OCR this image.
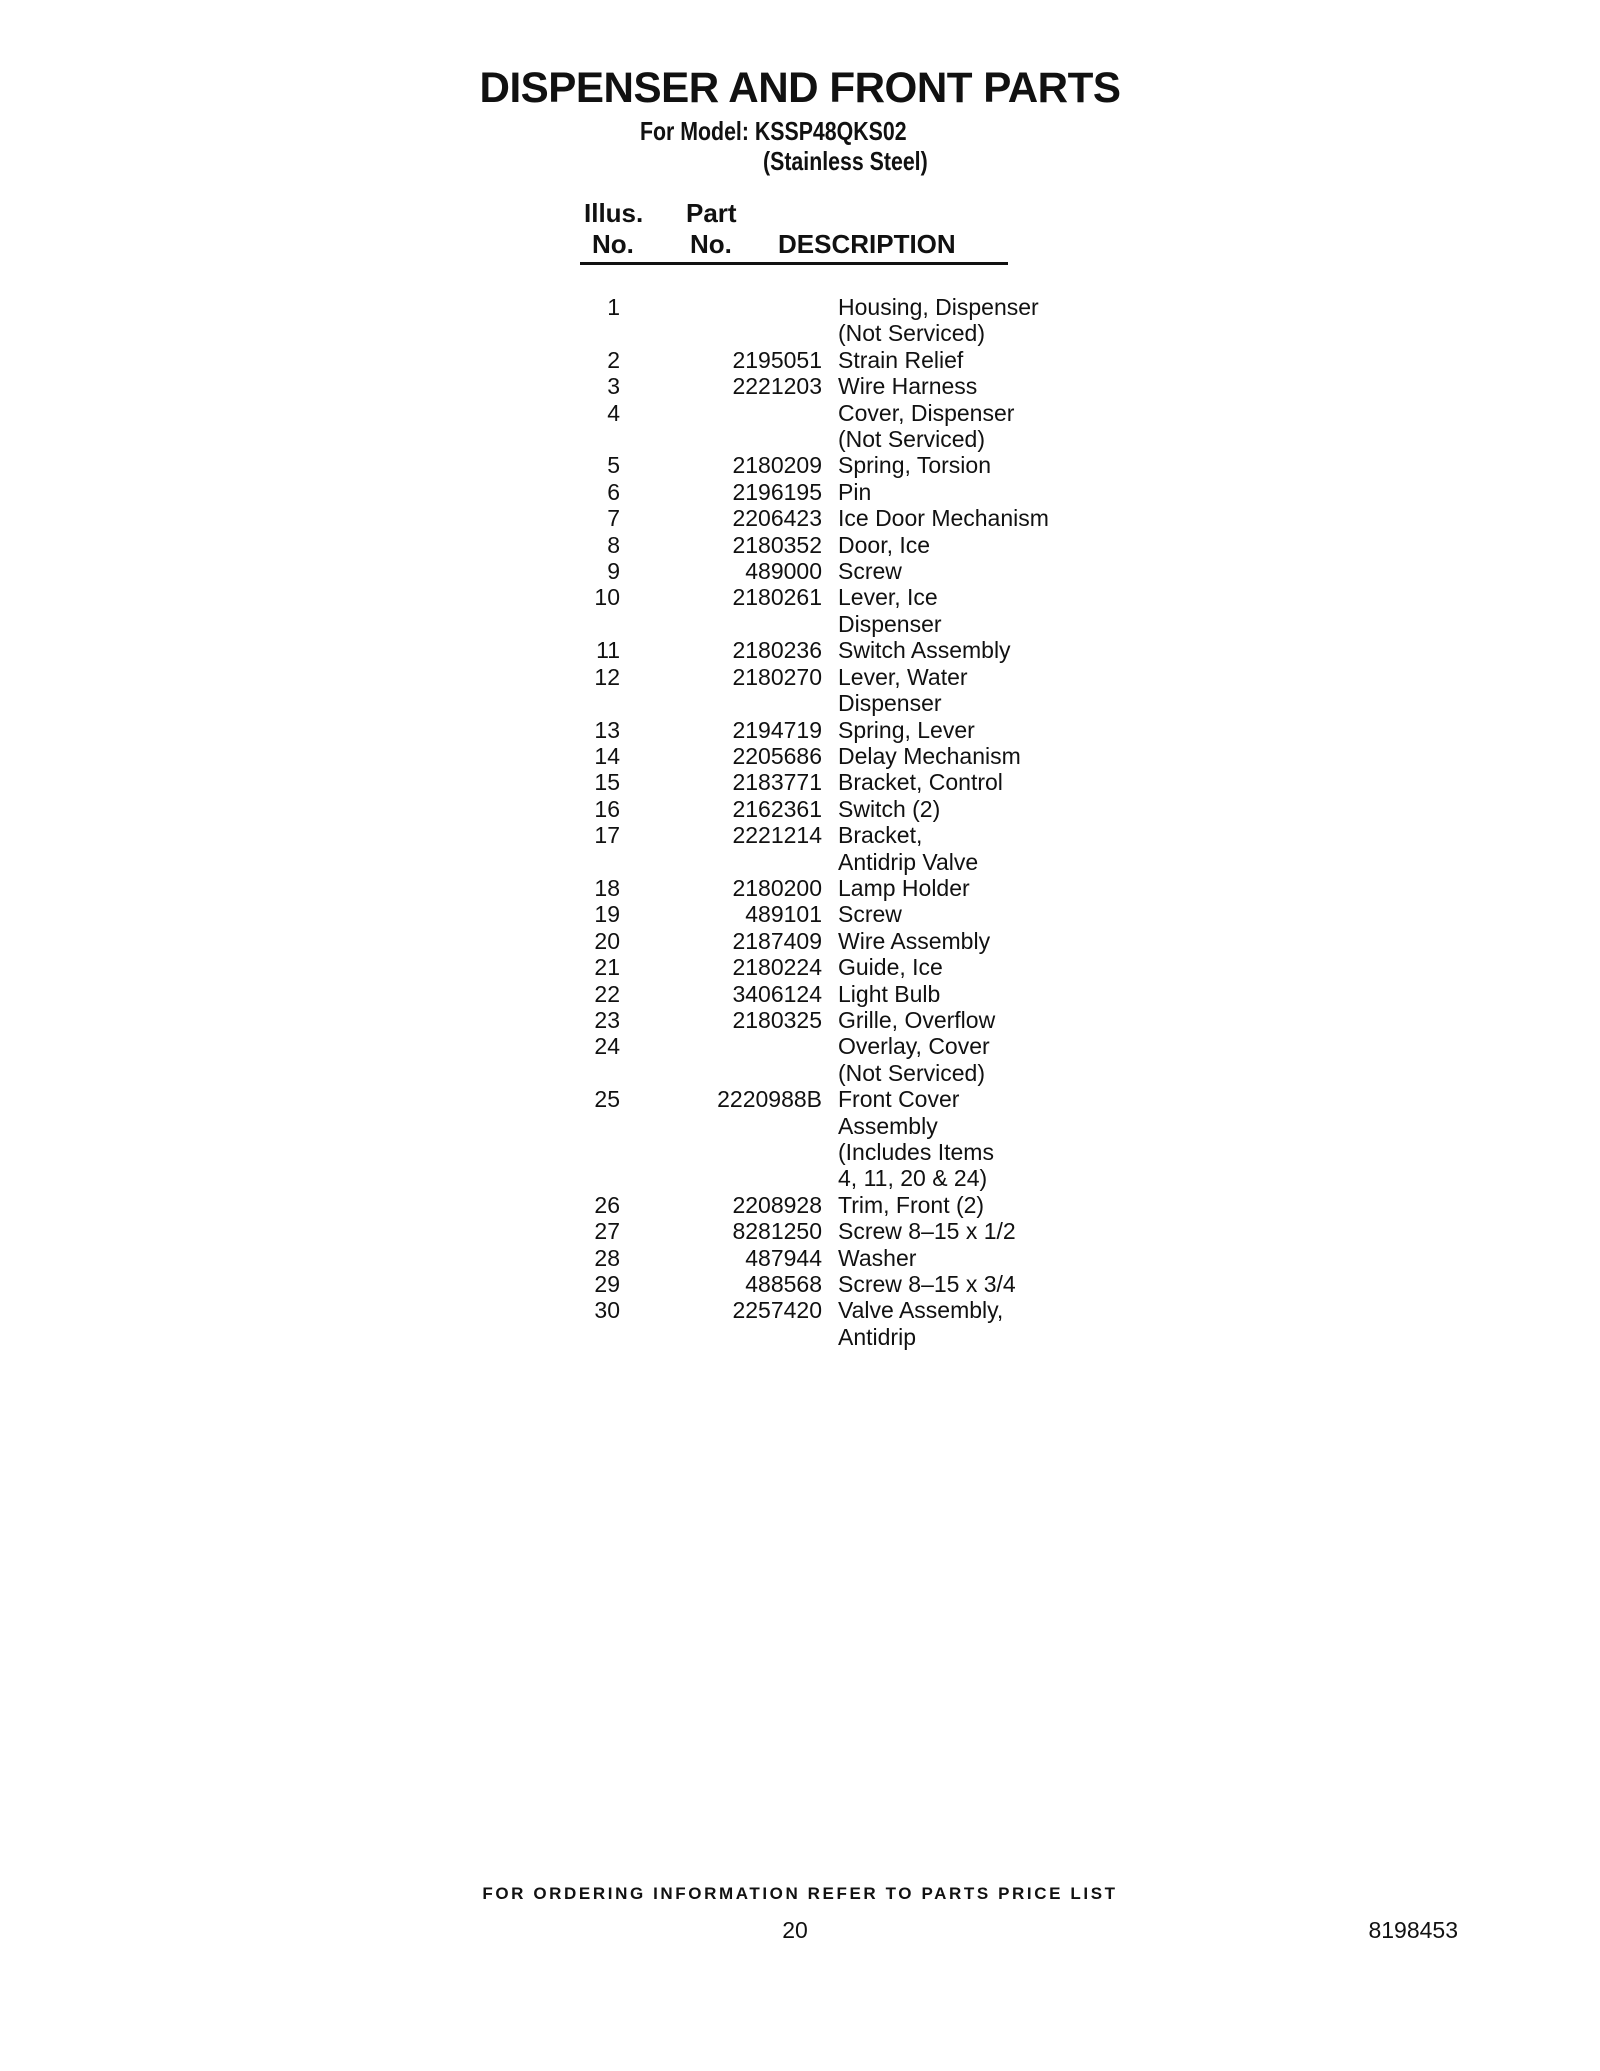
DISPENSER AND FRONT PARTS
For Model: KSSP48QKS02
(Stainless Steel)
Illus.
No.
Part
No. DESCRIPTION
1	Housing, Dispenser
(Not Serviced)
2	2195051 Strain Relief
3	2221203 Wire Harness
4	Cover, Dispenser
(Not Serviced)
5	2180209 Spring, Torsion
6	2196195 Pin
7	2206423 Ice Door Mechanism
8	2180352 Door, Ice
9	489000 Screw
10	2180261 Lever, Ice
Dispenser
11	2180236 Switch Assembly
12	2180270 Lever, Water
Dispenser
13	2194719 Spring, Lever
14	2205686 Delay Mechanism
15	2183771 Bracket, Control
16	2162361 Switch (2)
17	2221214 Bracket,
Antidrip Valve
18	2180200 Lamp Holder
19	489101 Screw
20	2187409 Wire Assembly
21	2180224 Guide, Ice
22	3406124 Light Bulb
23	2180325 Grille, Overflow
24	Overlay, Cover
(Not Serviced)
25	2220988B Front Cover
Assembly
(Includes Items
4, 11, 20 & 24)
26	2208928 Trim, Front (2)
27	8281250 Screw 8–15 x 1/2
28	487944 Washer
29	488568 Screw 8–15 x 3/4
30	2257420 Valve Assembly,
Antidrip
FOR ORDERING INFORMATION REFER TO PARTS PRICE LIST
20	8198453
